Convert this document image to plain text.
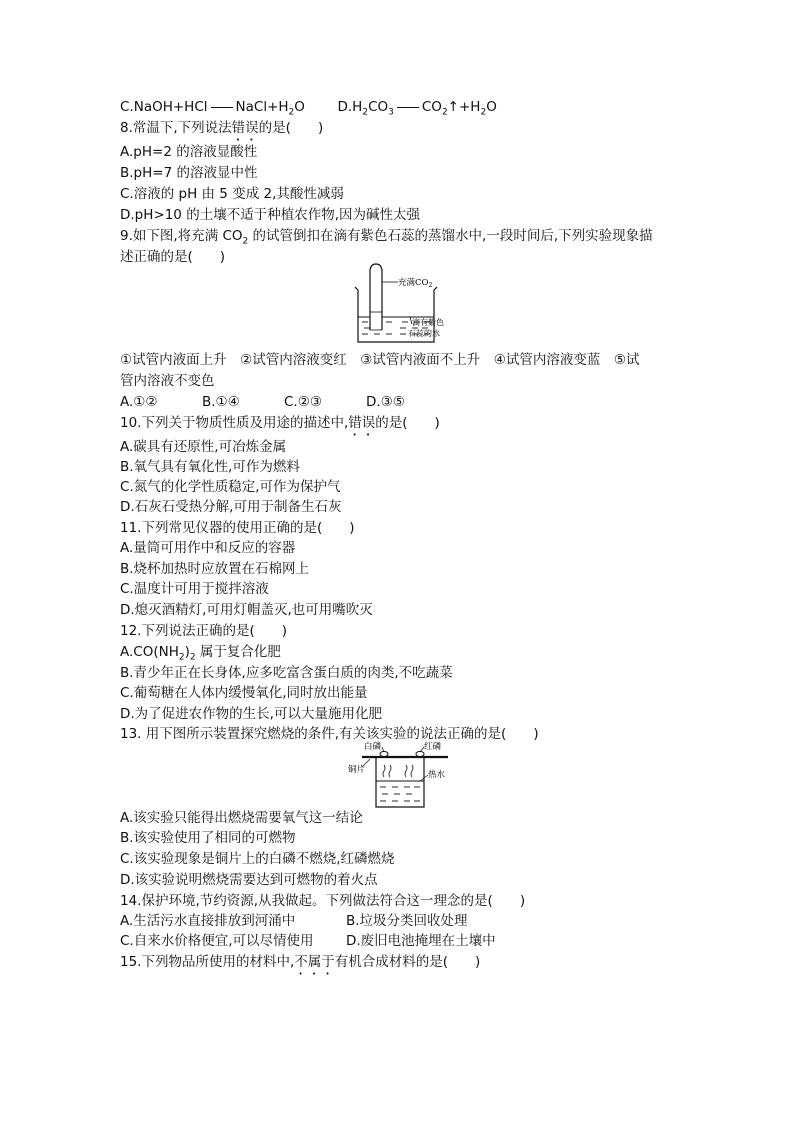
C.NaOH+HCl $NaCl+H_2O$ $D.H_2CO_3$ $CO_2↑+H_2O$
8.常温下,下列说法错误的是(　　)
A.pH=2 的溶液显酸性
B.pH=7 的溶液显中性
C.溶液的 pH 由 5 变成 2,其酸性减弱
D.pH>10 的土壤不适于种植农作物,因为碱性太强
9.如下图,将充满 $CO_2$ 的试管倒扣在滴有紫色石蕊的蒸馏水中,一段时间后,下列实验现象描
述正确的是(　　)
充满$CO_2$
滴有紫色
石蕊的水
①试管内液面上升　②试管内溶液变红　③试管内液面不上升　④试管内溶液变蓝　⑤试
管内溶液不变色
A.①②	B.①④	C.②③	D.③⑤
10.下列关于物质性质及用途的描述中,错误的是(　　)
A.碳具有还原性,可冶炼金属
B.氧气具有氧化性,可作为燃料
C.氮气的化学性质稳定,可作为保护气
D.石灰石受热分解,可用于制备生石灰
11.下列常见仪器的使用正确的是(　　)
A.量筒可用作中和反应的容器
B.烧杯加热时应放置在石棉网上
C.温度计可用于搅拌溶液
D.熄灭酒精灯,可用灯帽盖灭,也可用嘴吹灭
12.下列说法正确的是(　　)
$A.CO(NH_2)_2$ 属于复合化肥
B.青少年正在长身体,应多吃富含蛋白质的肉类,不吃蔬菜
C.葡萄糖在人体内缓慢氧化,同时放出能量
D.为了促进农作物的生长,可以大量施用化肥
13. 用下图所示装置探究燃烧的条件,有关该实验的说法正确的是(　　)
白磷	红磷
铜片	热水
A.该实验只能得出燃烧需要氧气这一结论
B.该实验使用了相同的可燃物
C.该实验现象是铜片上的白磷不燃烧,红磷燃烧
D.该实验说明燃烧需要达到可燃物的着火点
14.保护环境,节约资源,从我做起。下列做法符合这一理念的是(　　)
A.生活污水直接排放到河涌中	B.垃圾分类回收处理
C.自来水价格便宜,可以尽情使用 D.废旧电池掩埋在土壤中
15.下列物品所使用的材料中,不属于有机合成材料的是(　　)
